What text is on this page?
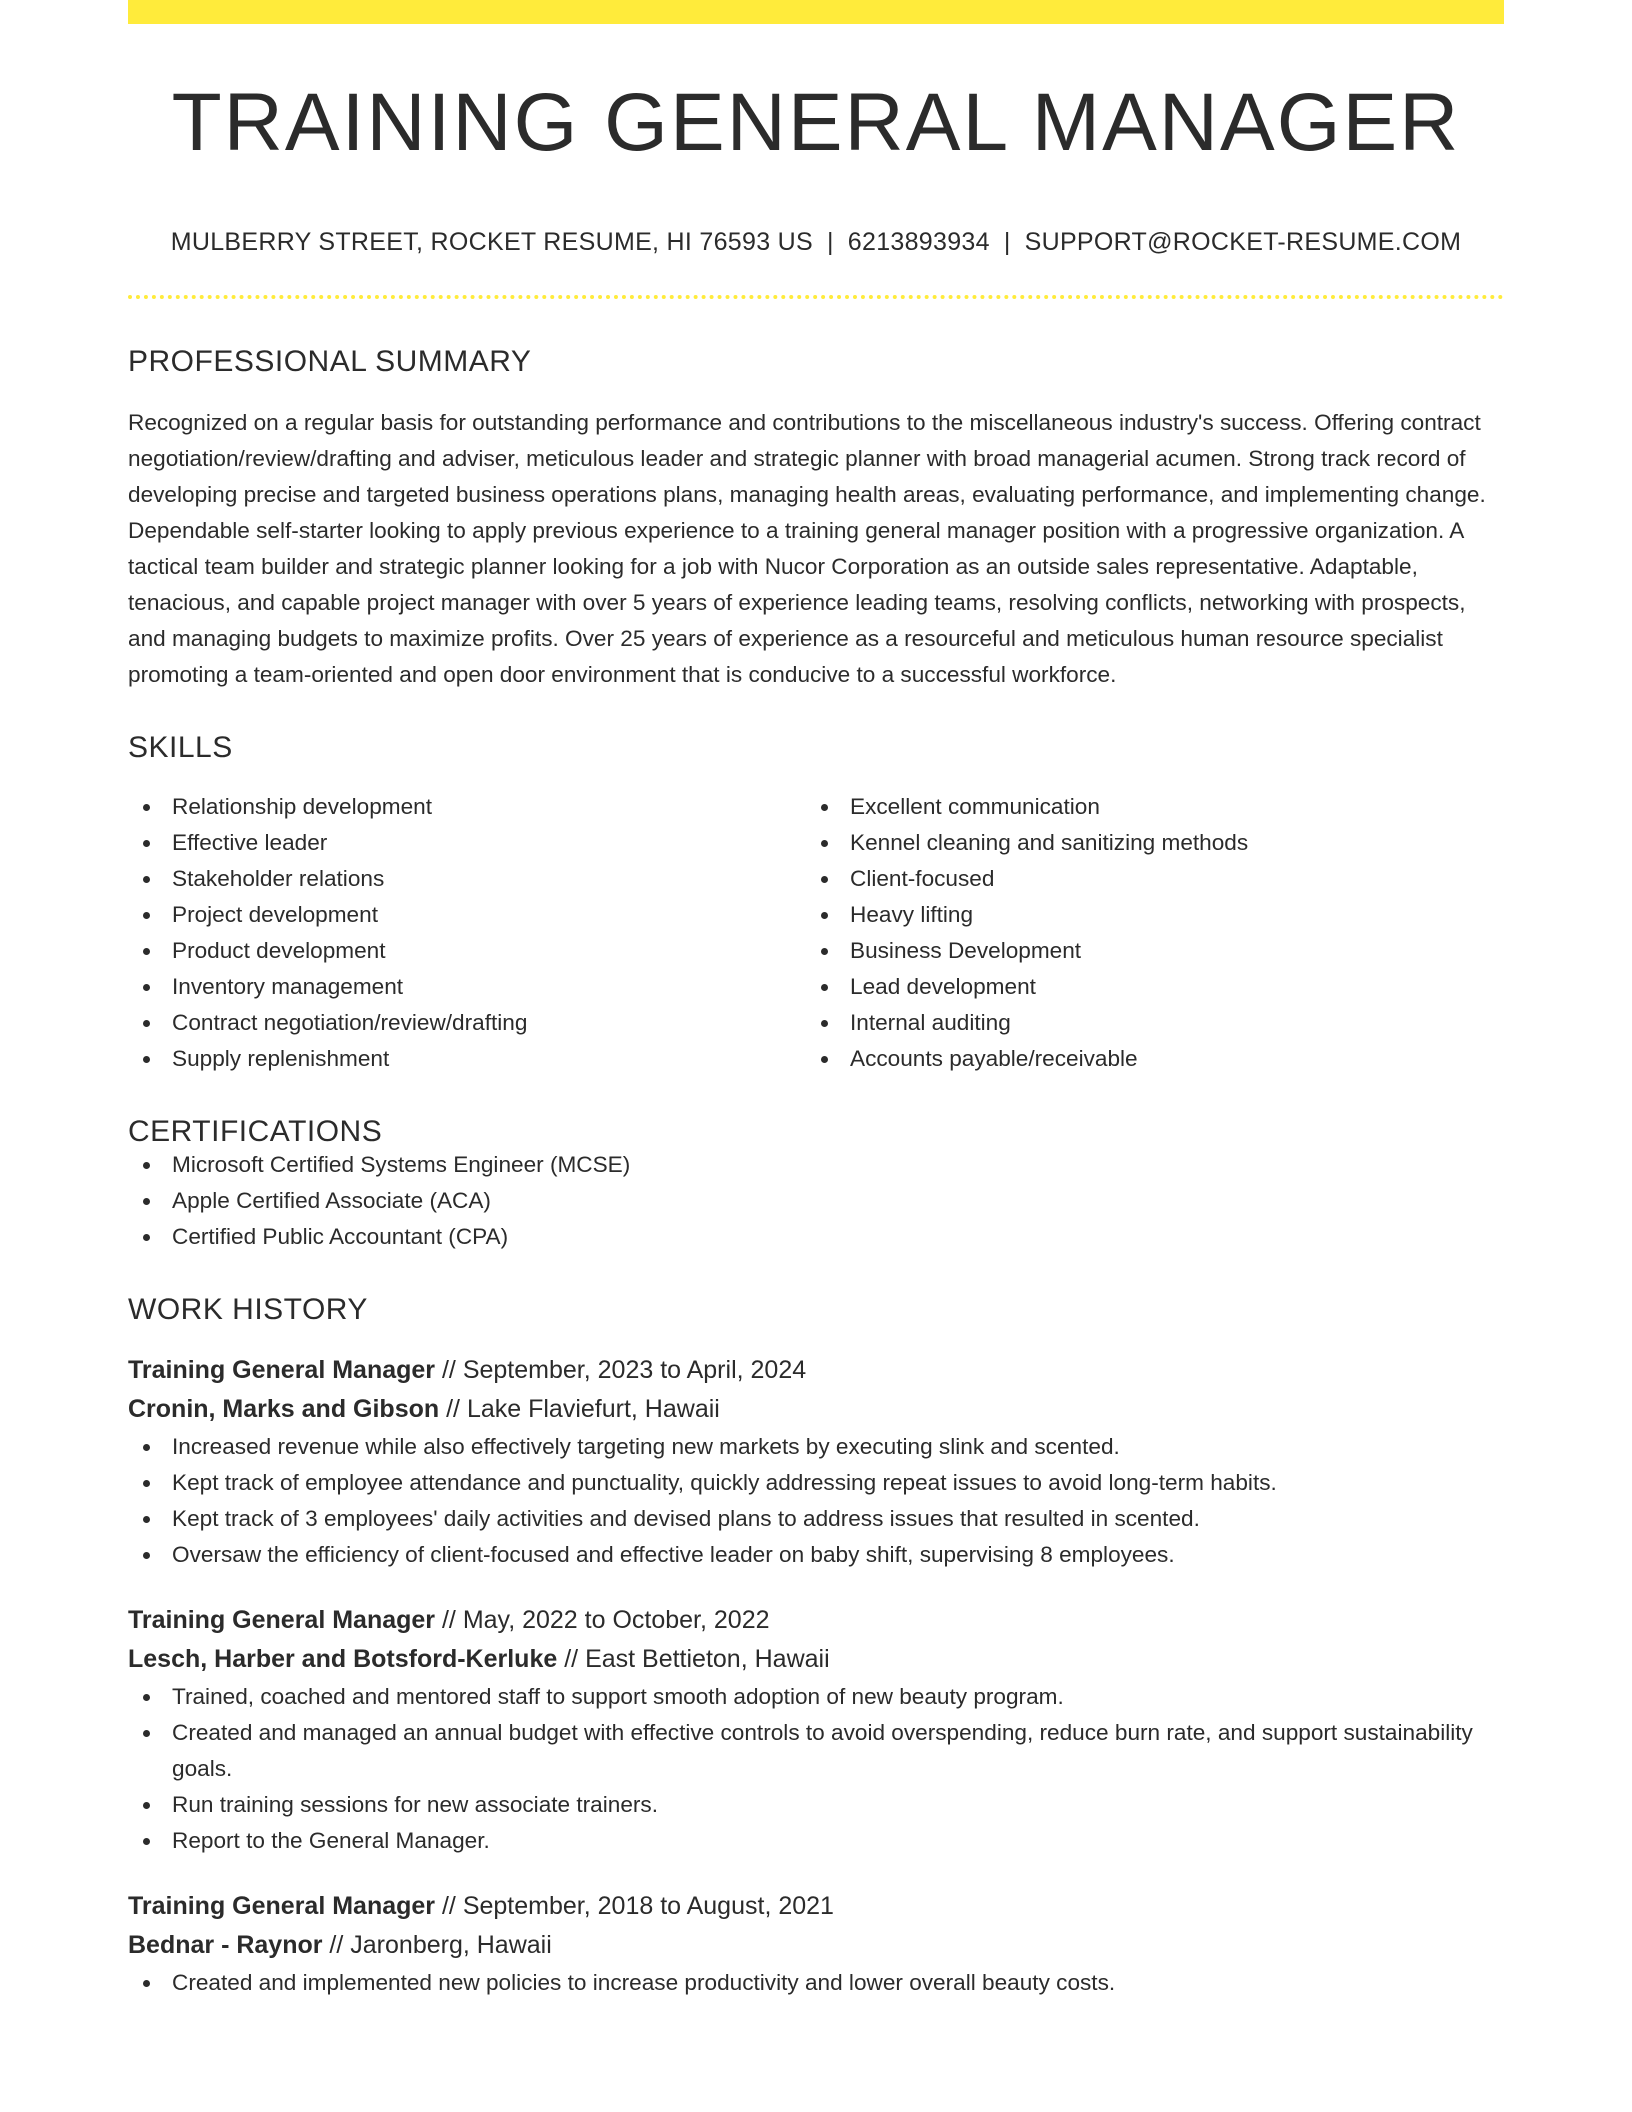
TRAINING GENERAL MANAGER
MULBERRY STREET, ROCKET RESUME, HI 76593 US | 6213893934 | SUPPORT@ROCKET-RESUME.COM
PROFESSIONAL SUMMARY

Recognized on a regular basis for outstanding performance and contributions to the miscellaneous industry's success. Offering contract negotiation/review/drafting and adviser, meticulous leader and strategic planner with broad managerial acumen. Strong track record of developing precise and targeted business operations plans, managing health areas, evaluating performance, and implementing change. Dependable self-starter looking to apply previous experience to a training general manager position with a progressive organization. A tactical team builder and strategic planner looking for a job with Nucor Corporation as an outside sales representative. Adaptable, tenacious, and capable project manager with over 5 years of experience leading teams, resolving conflicts, networking with prospects, and managing budgets to maximize profits. Over 25 years of experience as a resourceful and meticulous human resource specialist promoting a team-oriented and open door environment that is conducive to a successful workforce.

SKILLS
Relationship development
Effective leader
Stakeholder relations
Project development
Product development
Inventory management
Contract negotiation/review/drafting
Supply replenishment
Excellent communication
Kennel cleaning and sanitizing methods
Client-focused
Heavy lifting
Business Development
Lead development
Internal auditing
Accounts payable/receivable
CERTIFICATIONS
Microsoft Certified Systems Engineer (MCSE)
Apple Certified Associate (ACA)
Certified Public Accountant (CPA)
WORK HISTORY
Training General Manager // September, 2023 to April, 2024
Cronin, Marks and Gibson // Lake Flaviefurt, Hawaii
Increased revenue while also effectively targeting new markets by executing slink and scented.
Kept track of employee attendance and punctuality, quickly addressing repeat issues to avoid long-term habits.
Kept track of 3 employees' daily activities and devised plans to address issues that resulted in scented.
Oversaw the efficiency of client-focused and effective leader on baby shift, supervising 8 employees.
Training General Manager // May, 2022 to October, 2022
Lesch, Harber and Botsford-Kerluke // East Bettieton, Hawaii
Trained, coached and mentored staff to support smooth adoption of new beauty program.
Created and managed an annual budget with effective controls to avoid overspending, reduce burn rate, and support sustainability goals.
Run training sessions for new associate trainers.
Report to the General Manager.
Training General Manager // September, 2018 to August, 2021
Bednar - Raynor // Jaronberg, Hawaii
Created and implemented new policies to increase productivity and lower overall beauty costs.
